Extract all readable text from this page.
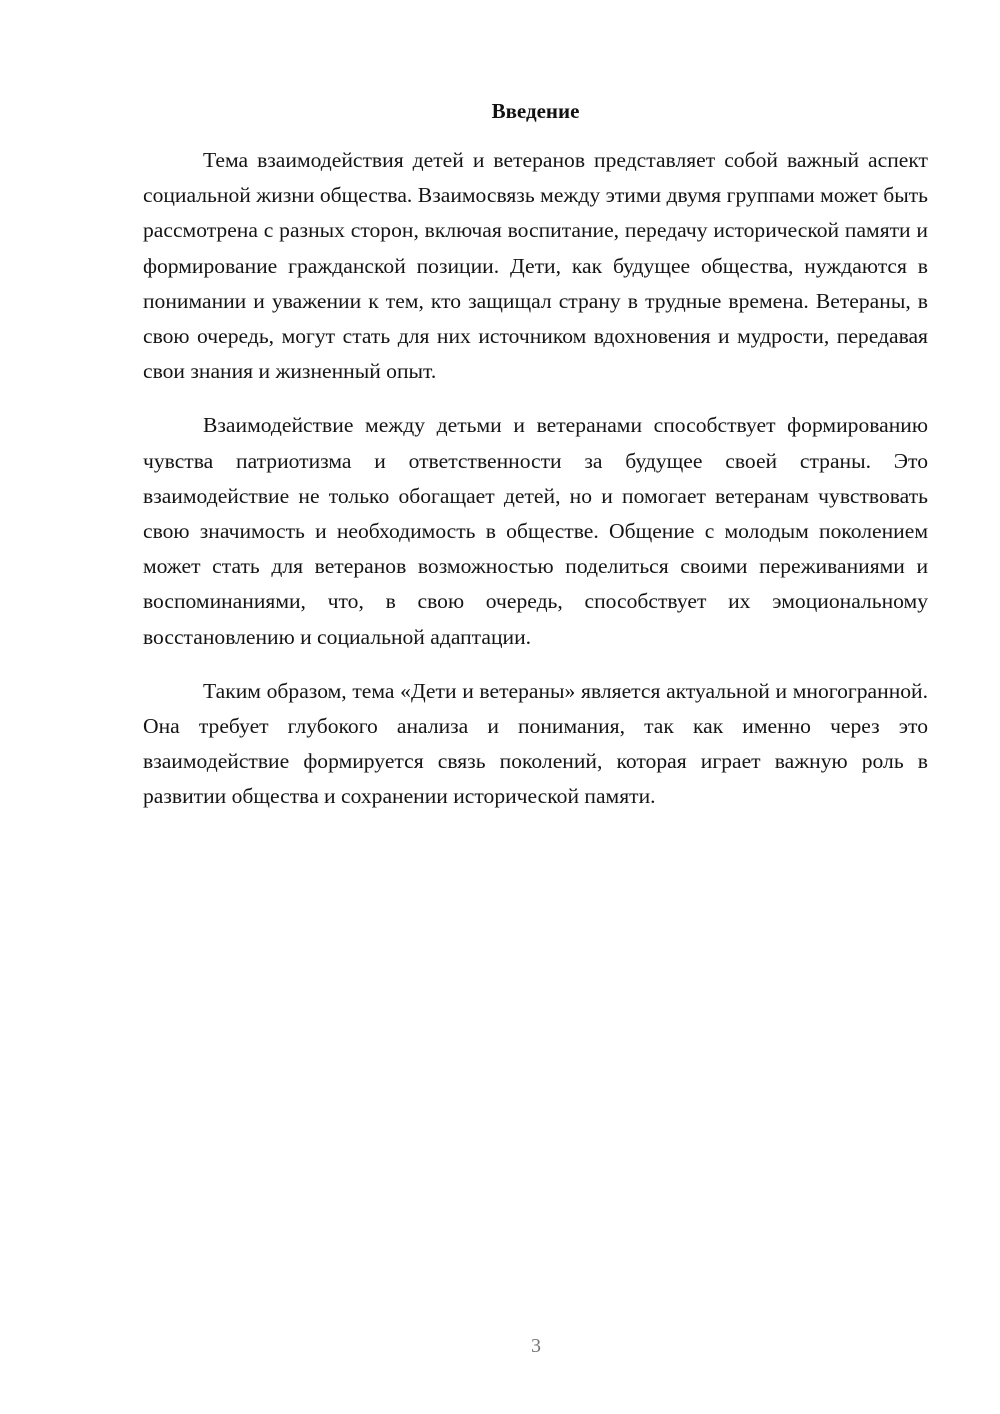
Введение

Тема взаимодействия детей и ветеранов представляет собой важный аспект социальной жизни общества. Взаимосвязь между этими двумя группами может быть рассмотрена с разных сторон, включая воспитание, передачу исторической памяти и формирование гражданской позиции. Дети, как будущее общества, нуждаются в понимании и уважении к тем, кто защищал страну в трудные времена. Ветераны, в свою очередь, могут стать для них источником вдохновения и мудрости, передавая свои знания и жизненный опыт.

Взаимодействие между детьми и ветеранами способствует формированию чувства патриотизма и ответственности за будущее своей страны. Это взаимодействие не только обогащает детей, но и помогает ветеранам чувствовать свою значимость и необходимость в обществе. Общение с молодым поколением может стать для ветеранов возможностью поделиться своими переживаниями и воспоминаниями, что, в свою очередь, способствует их эмоциональному восстановлению и социальной адаптации.

Таким образом, тема «Дети и ветераны» является актуальной и многогранной. Она требует глубокого анализа и понимания, так как именно через это взаимодействие формируется связь поколений, которая играет важную роль в развитии общества и сохранении исторической памяти.

3
